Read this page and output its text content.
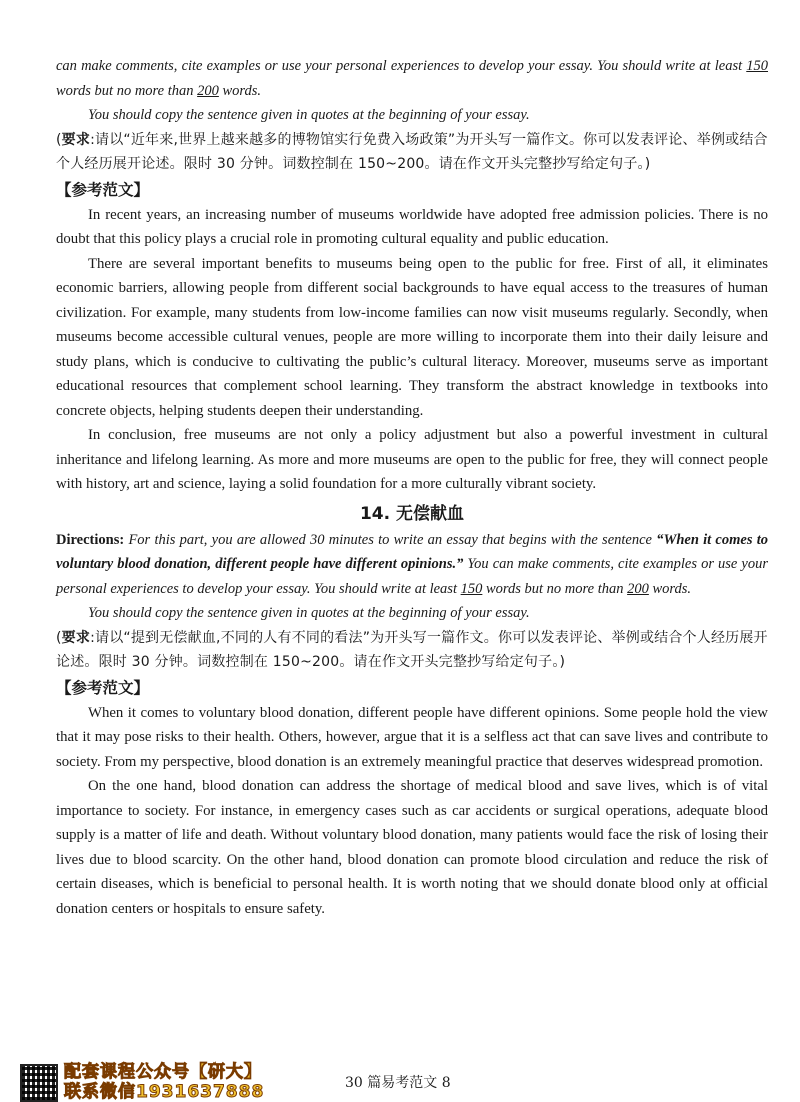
can make comments, cite examples or use your personal experiences to develop your essay. You should write at least 150 words but no more than 200 words.

You should copy the sentence given in quotes at the beginning of your essay.

(要求:请以“近年来,世界上越来越多的博物馆实行免费入场政策”为开头写一篇作文。你可以发表评论、举例或结合个人经历展开论述。限时 30 分钟。词数控制在 150~200。请在作文开头完整抄写给定句子。)

【参考范文】

In recent years, an increasing number of museums worldwide have adopted free admission policies. There is no doubt that this policy plays a crucial role in promoting cultural equality and public education.

There are several important benefits to museums being open to the public for free. First of all, it eliminates economic barriers, allowing people from different social backgrounds to have equal access to the treasures of human civilization. For example, many students from low-income families can now visit museums regularly. Secondly, when museums become accessible cultural venues, people are more willing to incorporate them into their daily leisure and study plans, which is conducive to cultivating the public’s cultural literacy. Moreover, museums serve as important educational resources that complement school learning. They transform the abstract knowledge in textbooks into concrete objects, helping students deepen their understanding.

In conclusion, free museums are not only a policy adjustment but also a powerful investment in cultural inheritance and lifelong learning. As more and more museums are open to the public for free, they will connect people with history, art and science, laying a solid foundation for a more culturally vibrant society.

14. 无偿献血

Directions: For this part, you are allowed 30 minutes to write an essay that begins with the sentence “When it comes to voluntary blood donation, different people have different opinions.” You can make comments, cite examples or use your personal experiences to develop your essay. You should write at least 150 words but no more than 200 words.

You should copy the sentence given in quotes at the beginning of your essay.

(要求:请以“提到无偿献血,不同的人有不同的看法”为开头写一篇作文。你可以发表评论、举例或结合个人经历展开论述。限时 30 分钟。词数控制在 150~200。请在作文开头完整抄写给定句子。)

【参考范文】

When it comes to voluntary blood donation, different people have different opinions. Some people hold the view that it may pose risks to their health. Others, however, argue that it is a selfless act that can save lives and contribute to society. From my perspective, blood donation is an extremely meaningful practice that deserves widespread promotion.

On the one hand, blood donation can address the shortage of medical blood and save lives, which is of vital importance to society. For instance, in emergency cases such as car accidents or surgical operations, adequate blood supply is a matter of life and death. Without voluntary blood donation, many patients would face the risk of losing their lives due to blood scarcity. On the other hand, blood donation can promote blood circulation and reduce the risk of certain diseases, which is beneficial to personal health. It is worth noting that we should donate blood only at official donation centers or hospitals to ensure safety.

配套课程公众号【研大】
联系微信1931637888	30 篇易考范文 8
